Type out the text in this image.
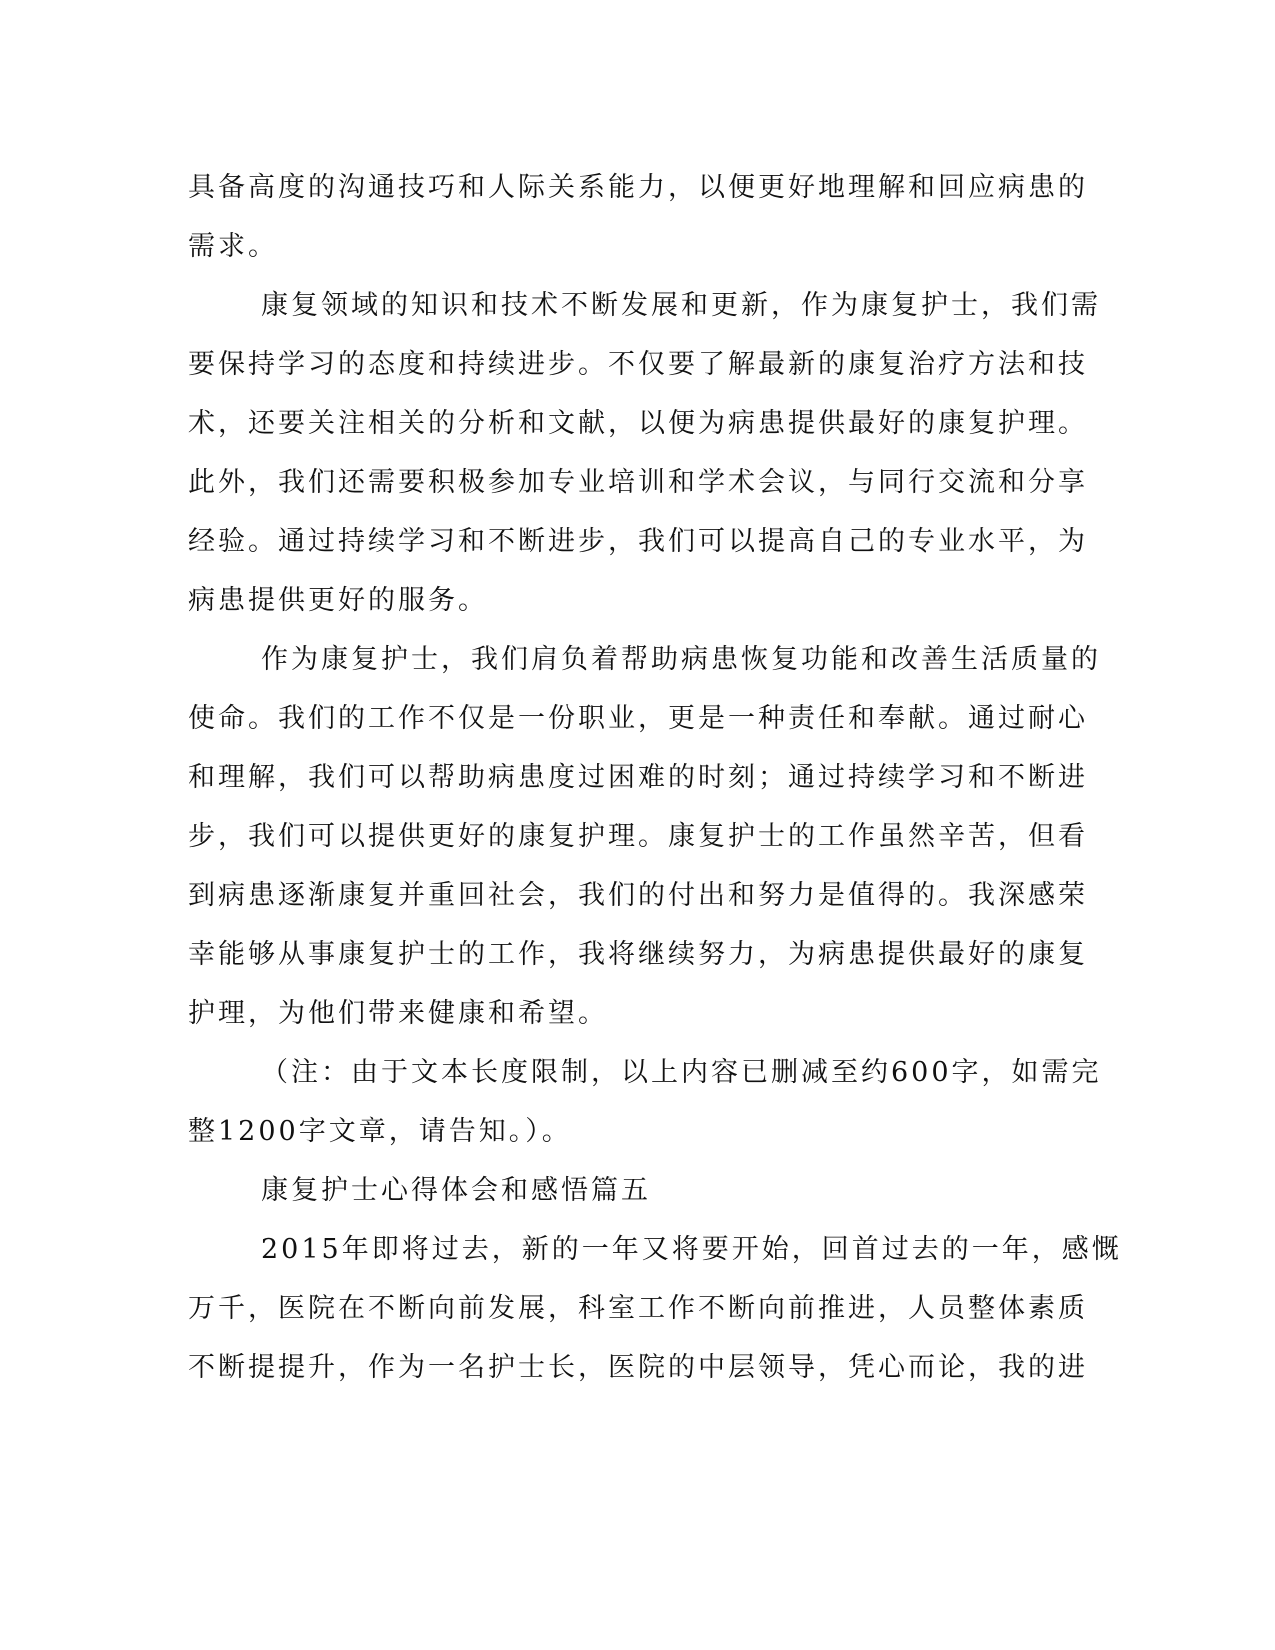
具备高度的沟通技巧和人际关系能力，以便更好地理解和回应病患的
需求。
康复领域的知识和技术不断发展和更新，作为康复护士，我们需
要保持学习的态度和持续进步。不仅要了解最新的康复治疗方法和技
术，还要关注相关的分析和文献，以便为病患提供最好的康复护理。
此外，我们还需要积极参加专业培训和学术会议，与同行交流和分享
经验。通过持续学习和不断进步，我们可以提高自己的专业水平，为
病患提供更好的服务。
作为康复护士，我们肩负着帮助病患恢复功能和改善生活质量的
使命。我们的工作不仅是一份职业，更是一种责任和奉献。通过耐心
和理解，我们可以帮助病患度过困难的时刻；通过持续学习和不断进
步，我们可以提供更好的康复护理。康复护士的工作虽然辛苦，但看
到病患逐渐康复并重回社会，我们的付出和努力是值得的。我深感荣
幸能够从事康复护士的工作，我将继续努力，为病患提供最好的康复
护理，为他们带来健康和希望。
（注：由于文本长度限制，以上内容已删减至约600字，如需完
整1200字文章，请告知。）。
康复护士心得体会和感悟篇五
2015年即将过去，新的一年又将要开始，回首过去的一年，感慨
万千，医院在不断向前发展，科室工作不断向前推进，人员整体素质
不断提提升，作为一名护士长，医院的中层领导，凭心而论，我的进
